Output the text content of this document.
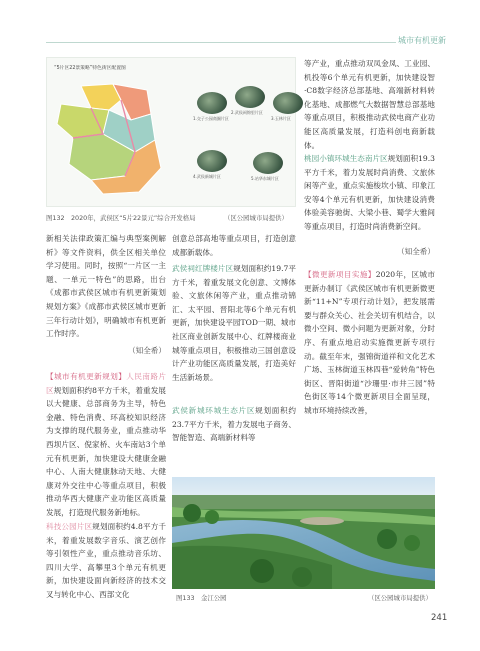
城市有机更新
“5片区22景策略”特色街区配置图
1.交子公园商圈片区
2.武侯祠锦里片区
3.玉林片区
4.武侯新城片区	5.站华东城片区
图132　2020年，武侯区“5片22景元”综合开发格局	（区公园城市局提供）
新相关法律政策汇编与典型案例解析》等文件资料，供全区相关单位学习使用。同时，按照“一片区一主题、一单元一特色”的思路，出台《成都市武侯区城市有机更新策划规划方案》《成都市武侯区城市更新三年行动计划》，明确城市有机更新工作时序。
（知全希）
【城市有机更新规划】人民南路片区规划面积约8平方千米，着重发展以大健康、总部商务为主导，特色金融、特色消费、环高校知识经济为支撑的现代服务业，重点推动华西坝片区、倪家桥、火车南站3个单元有机更新，加快建设大健康金融中心、人南大健康脉动天地、大健康对外交往中心等重点项目，积极推动华西大健康产业功能区高质量发展，打造现代服务新地标。
科技公园片区规划面积约4.8平方千米，着重发展数字音乐、演艺创作等引领性产业，重点推动音乐坊、四川大学、高攀里3个单元有机更新，加快建设面向新经济的技术交叉与转化中心、西部文化
创意总部高地等重点项目，打造创意成都新载体。
武侯祠红牌楼片区规划面积约19.7平方千米，着重发展文化创意、文博体验、文旅休闲等产业，重点推动锦汇、太平园、晋阳北等6个单元有机更新，加快建设平园TOD一期、城市社区商业创新发展中心、红牌楼商业城等重点项目，积极推动三国创意设计产业功能区高质量发展，打造美好生活新场景。
武侯新城环城生态片区规划面积约23.7平方千米，着力发展电子商务、智能智造、高端新材料等
等产业，重点推动双凤金凤、工业园、机投等6个单元有机更新，加快建设智·C8数字经济总部基地、高端新材料转化基地、成都燃气大数据智慧总部基地等重点项目，积极推动武侯电商产业功能区高质量发展，打造科创电商新载体。
桃园小镇环城生态南片区规划面积19.3平方千米，着力发展时尚消费、文旅休闲等产业，重点实施梭坎小镇、印象江安等4个单元有机更新，加快建设消费体验美容驰街、大梁小巷、蜀学大雅间等重点项目，打造时尚消费新空间。
（知全希）
【微更新项目实施】2020年，区城市更新办制订《武侯区城市有机更新微更新“11+N”专项行动计划》，把发展需要与群众关心、社会关切有机结合，以微小空间、微小问题为更新对象，分时序、有重点地启动实施微更新专项行动。截至年末，强锦街道祥和文化艺术广场、玉林街道玉林四巷“爱转角”特色街区、晋阳街道“沙珊里·市井三园”特色街区等14个微更新项目全面呈现，城市环境持续改善，
图133　金江公园	（区公园城市局提供）
241
